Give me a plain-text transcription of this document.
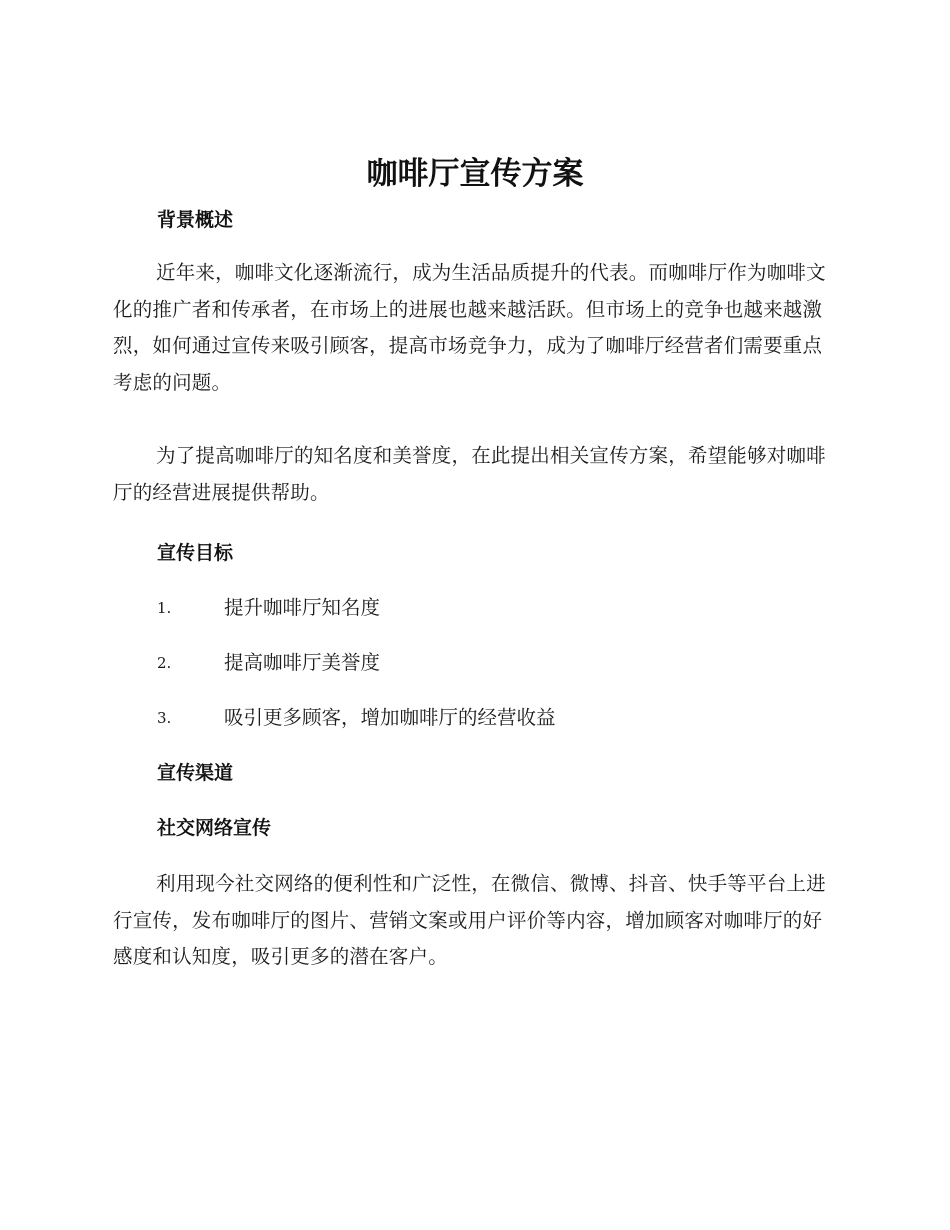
咖啡厅宣传方案
背景概述
近年来，咖啡文化逐渐流行，成为生活品质提升的代表。而咖啡厅作为咖啡文化的推广者和传承者，在市场上的进展也越来越活跃。但市场上的竞争也越来越激烈，如何通过宣传来吸引顾客，提高市场竞争力，成为了咖啡厅经营者们需要重点考虑的问题。
为了提高咖啡厅的知名度和美誉度，在此提出相关宣传方案，希望能够对咖啡厅的经营进展提供帮助。
宣传目标
1.	提升咖啡厅知名度
2.	提高咖啡厅美誉度
3.	吸引更多顾客，增加咖啡厅的经营收益
宣传渠道
社交网络宣传
利用现今社交网络的便利性和广泛性，在微信、微博、抖音、快手等平台上进行宣传，发布咖啡厅的图片、营销文案或用户评价等内容，增加顾客对咖啡厅的好感度和认知度，吸引更多的潜在客户。
